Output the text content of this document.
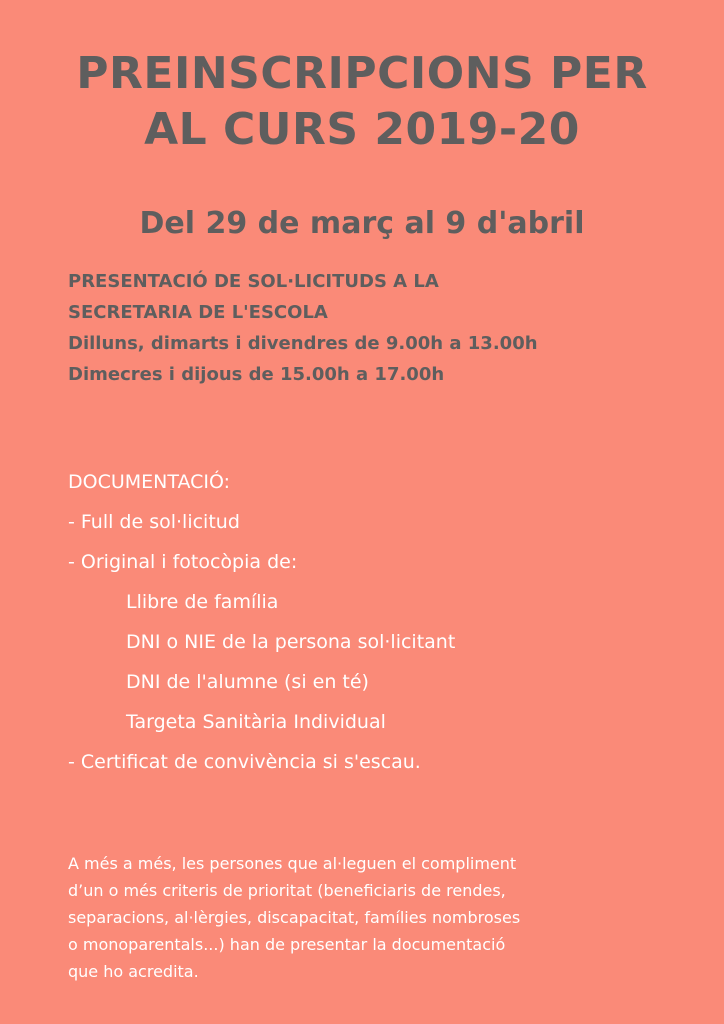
PREINSCRIPCIONS PER
AL CURS 2019-20
Del 29 de març al 9 d'abril
PRESENTACIÓ DE SOL·LICITUDS A LA
SECRETARIA DE L'ESCOLA
Dilluns, dimarts i divendres de 9.00h a 13.00h
Dimecres i dijous de 15.00h a 17.00h
DOCUMENTACIÓ:
- Full de sol·licitud
- Original i fotocòpia de:
Llibre de família
DNI o NIE de la persona sol·licitant
DNI de l'alumne (si en té)
Targeta Sanitària Individual
- Certificat de convivència si s'escau.
A més a més, les persones que al·leguen el compliment
d’un o més criteris de prioritat (beneficiaris de rendes,
separacions, al·lèrgies, discapacitat, famílies nombroses
o monoparentals...) han de presentar la documentació
que ho acredita.
